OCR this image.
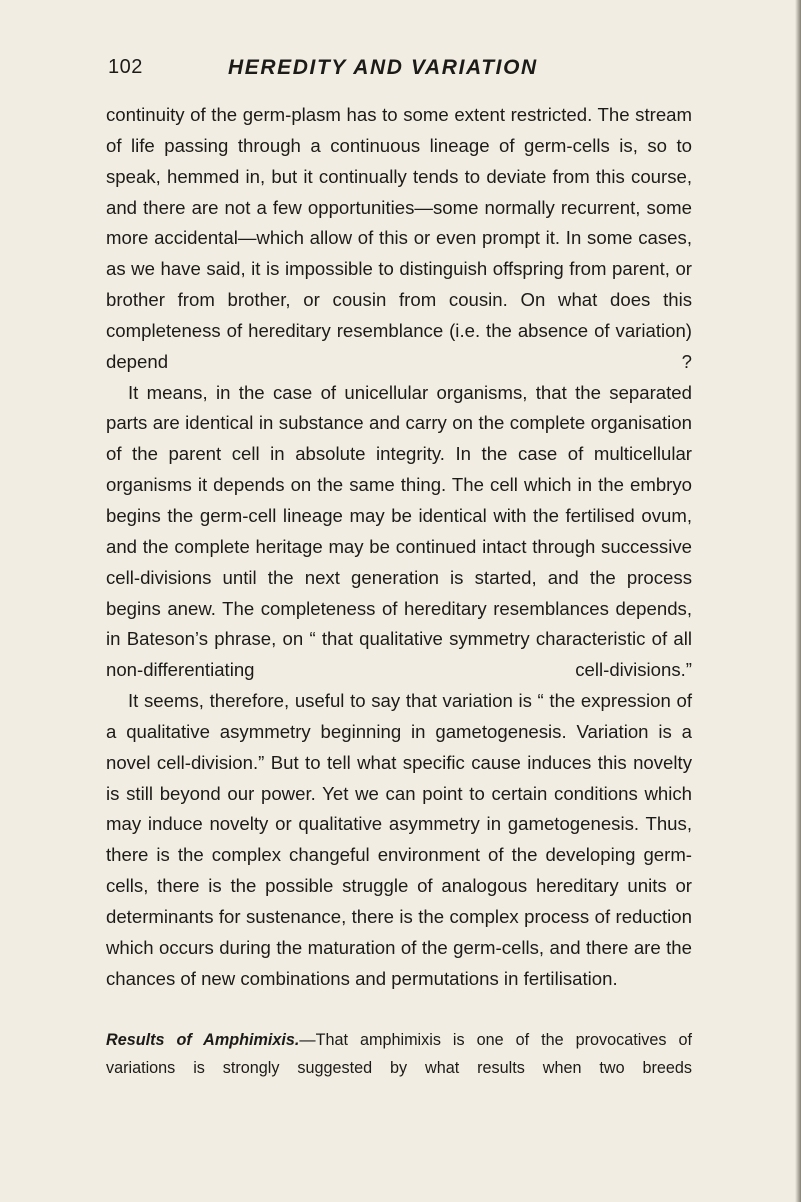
102	HEREDITY AND VARIATION

continuity of the germ-plasm has to some extent restricted. The stream of life passing through a continuous lineage of germ-cells is, so to speak, hemmed in, but it continually tends to deviate from this course, and there are not a few opportunities—some normally recurrent, some more accidental—which allow of this or even prompt it. In some cases, as we have said, it is impossible to distinguish offspring from parent, or brother from brother, or cousin from cousin. On what does this completeness of hereditary resemblance (i.e. the absence of variation) depend ?

It means, in the case of unicellular organisms, that the separated parts are identical in substance and carry on the complete organisation of the parent cell in absolute integrity. In the case of multicellular organisms it depends on the same thing. The cell which in the embryo begins the germ-cell lineage may be identical with the fertilised ovum, and the complete heritage may be continued intact through successive cell-divisions until the next generation is started, and the process begins anew. The completeness of hereditary resemblances depends, in Bateson’s phrase, on “ that qualitative symmetry characteristic of all non-differentiating cell-divisions.”

It seems, therefore, useful to say that variation is “ the expression of a qualitative asymmetry beginning in gametogenesis. Variation is a novel cell-division.” But to tell what specific cause induces this novelty is still beyond our power. Yet we can point to certain conditions which may induce novelty or qualitative asymmetry in gametogenesis. Thus, there is the complex changeful environment of the developing germ-cells, there is the possible struggle of analogous hereditary units or determinants for sustenance, there is the complex process of reduction which occurs during the maturation of the germ-cells, and there are the chances of new combinations and permutations in fertilisation.

Results of Amphimixis.—That amphimixis is one of the provocatives of variations is strongly suggested by what results when two breeds
